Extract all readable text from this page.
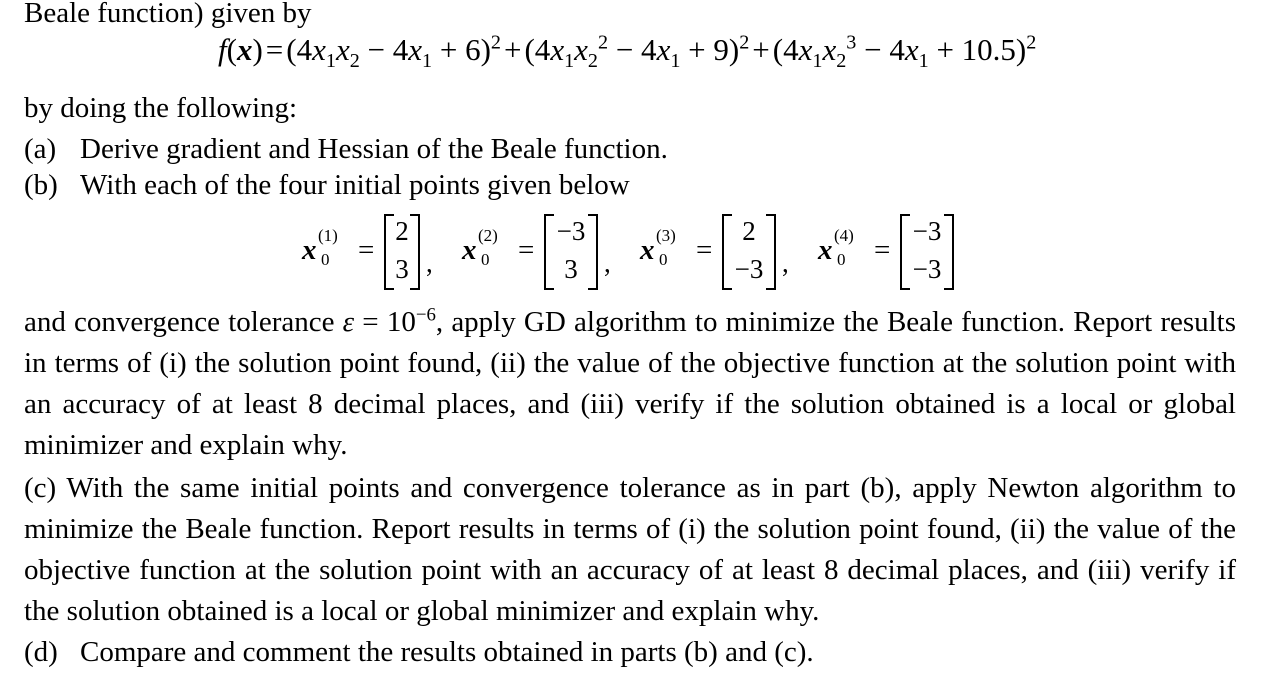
Beale function) given by
$f(x)=(4x_1x_2 - 4x_1 + 6)^2+(4x_1x_2^2 - 4x_1 + 9)^2+(4x_1x_2^3 - 4x_1 + 10.5)^2$
by doing the following:
(a) Derive gradient and Hessian of the Beale function.
(b) With each of the four initial points given below
x (1)
0 =
2
3 , x (2)
0 =
−3
3 , x (3)
0 =
2
−3 , x (4)
0 =
−3
−3
and convergence tolerance $\varepsilon = 10^{-6}$, apply GD algorithm to minimize the Beale function. Report results in terms of (i) the solution point found, (ii) the value of the objective function at the solution point with an accuracy of at least 8 decimal places, and (iii) verify if the solution obtained is a local or global minimizer and explain why.
(c) With the same initial points and convergence tolerance as in part (b), apply Newton algorithm to minimize the Beale function. Report results in terms of (i) the solution point found, (ii) the value of the objective function at the solution point with an accuracy of at least 8 decimal places, and (iii) verify if the solution obtained is a local or global minimizer and explain why.
(d) Compare and comment the results obtained in parts (b) and (c).
